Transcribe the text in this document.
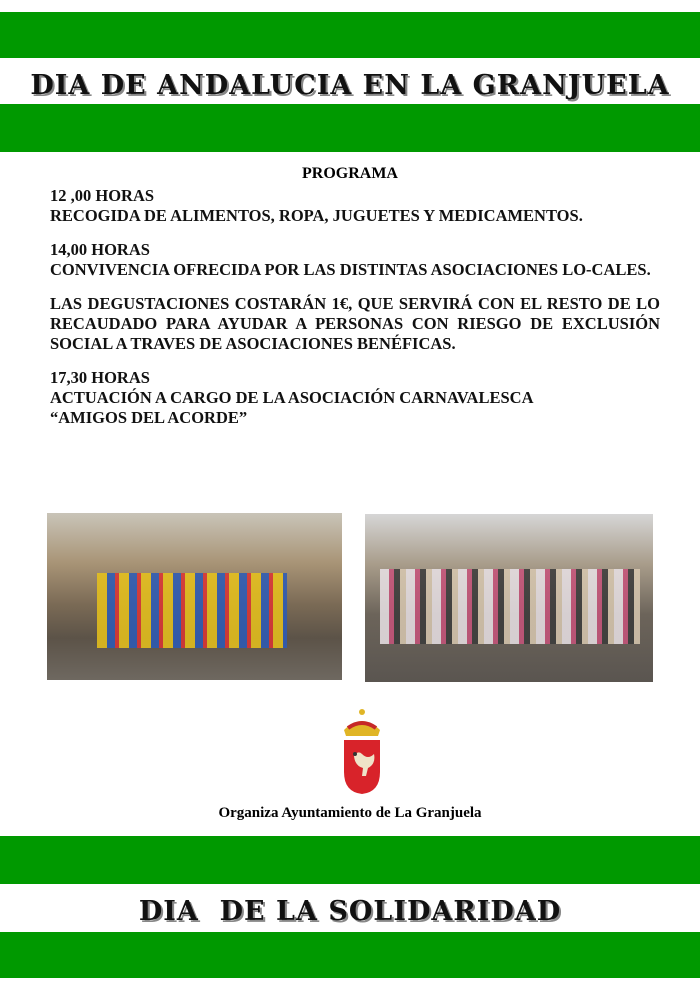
DIA DE ANDALUCIA EN LA GRANJUELA
PROGRAMA

12 ,00 HORAS
RECOGIDA DE ALIMENTOS, ROPA, JUGUETES Y MEDICAMENTOS.

14,00 HORAS

CONVIVENCIA OFRECIDA POR LAS DISTINTAS ASOCIACIONES LO-CALES.

LAS DEGUSTACIONES COSTARÁN 1€, QUE SERVIRÁ CON EL RESTO DE LO RECAUDADO PARA AYUDAR A PERSONAS CON RIESGO DE EXCLUSIÓN SOCIAL A TRAVES DE ASOCIACIONES BENÉFICAS.

17,30 HORAS
ACTUACIÓN A CARGO DE LA ASOCIACIÓN CARNAVALESCA
“AMIGOS DEL ACORDE”

Organiza Ayuntamiento de La Granjuela
DIA  DE LA SOLIDARIDAD
